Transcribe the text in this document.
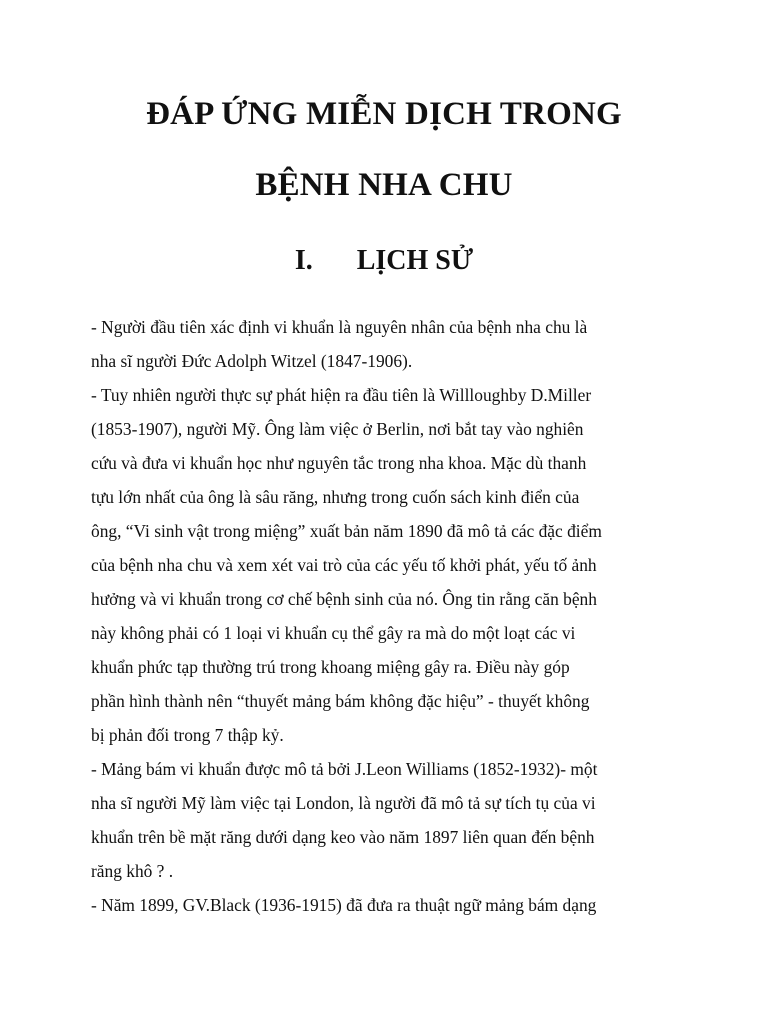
ĐÁP ỨNG MIỄN DỊCH TRONG
BỆNH NHA CHU
I. LỊCH SỬ
- Người đầu tiên xác định vi khuẩn là nguyên nhân của bệnh nha chu là
nha sĩ người Đức Adolph Witzel (1847-1906).
- Tuy nhiên người thực sự phát hiện ra đầu tiên là Willloughby D.Miller
(1853-1907), người Mỹ. Ông làm việc ở Berlin, nơi bắt tay vào nghiên
cứu và đưa vi khuẩn học như nguyên tắc trong nha khoa. Mặc dù thanh
tựu lớn nhất của ông là sâu răng, nhưng trong cuốn sách kinh điển của
ông, “Vi sinh vật trong miệng” xuất bản năm 1890 đã mô tả các đặc điểm
của bệnh nha chu và xem xét vai trò của các yếu tố khởi phát, yếu tố ảnh
hưởng và vi khuẩn trong cơ chế bệnh sinh của nó. Ông tin rằng căn bệnh
này không phải có 1 loại vi khuẩn cụ thể gây ra mà do một loạt các vi
khuẩn phức tạp thường trú trong khoang miệng gây ra. Điều này góp
phần hình thành nên “thuyết mảng bám không đặc hiệu” - thuyết không
bị phản đối trong 7 thập kỷ.
- Mảng bám vi khuẩn được mô tả bởi J.Leon Williams (1852-1932)- một
nha sĩ người Mỹ làm việc tại London, là người đã mô tả sự tích tụ của vi
khuẩn trên bề mặt răng dưới dạng keo vào năm 1897 liên quan đến bệnh
răng khô ? .
- Năm 1899, GV.Black (1936-1915) đã đưa ra thuật ngữ mảng bám dạng
